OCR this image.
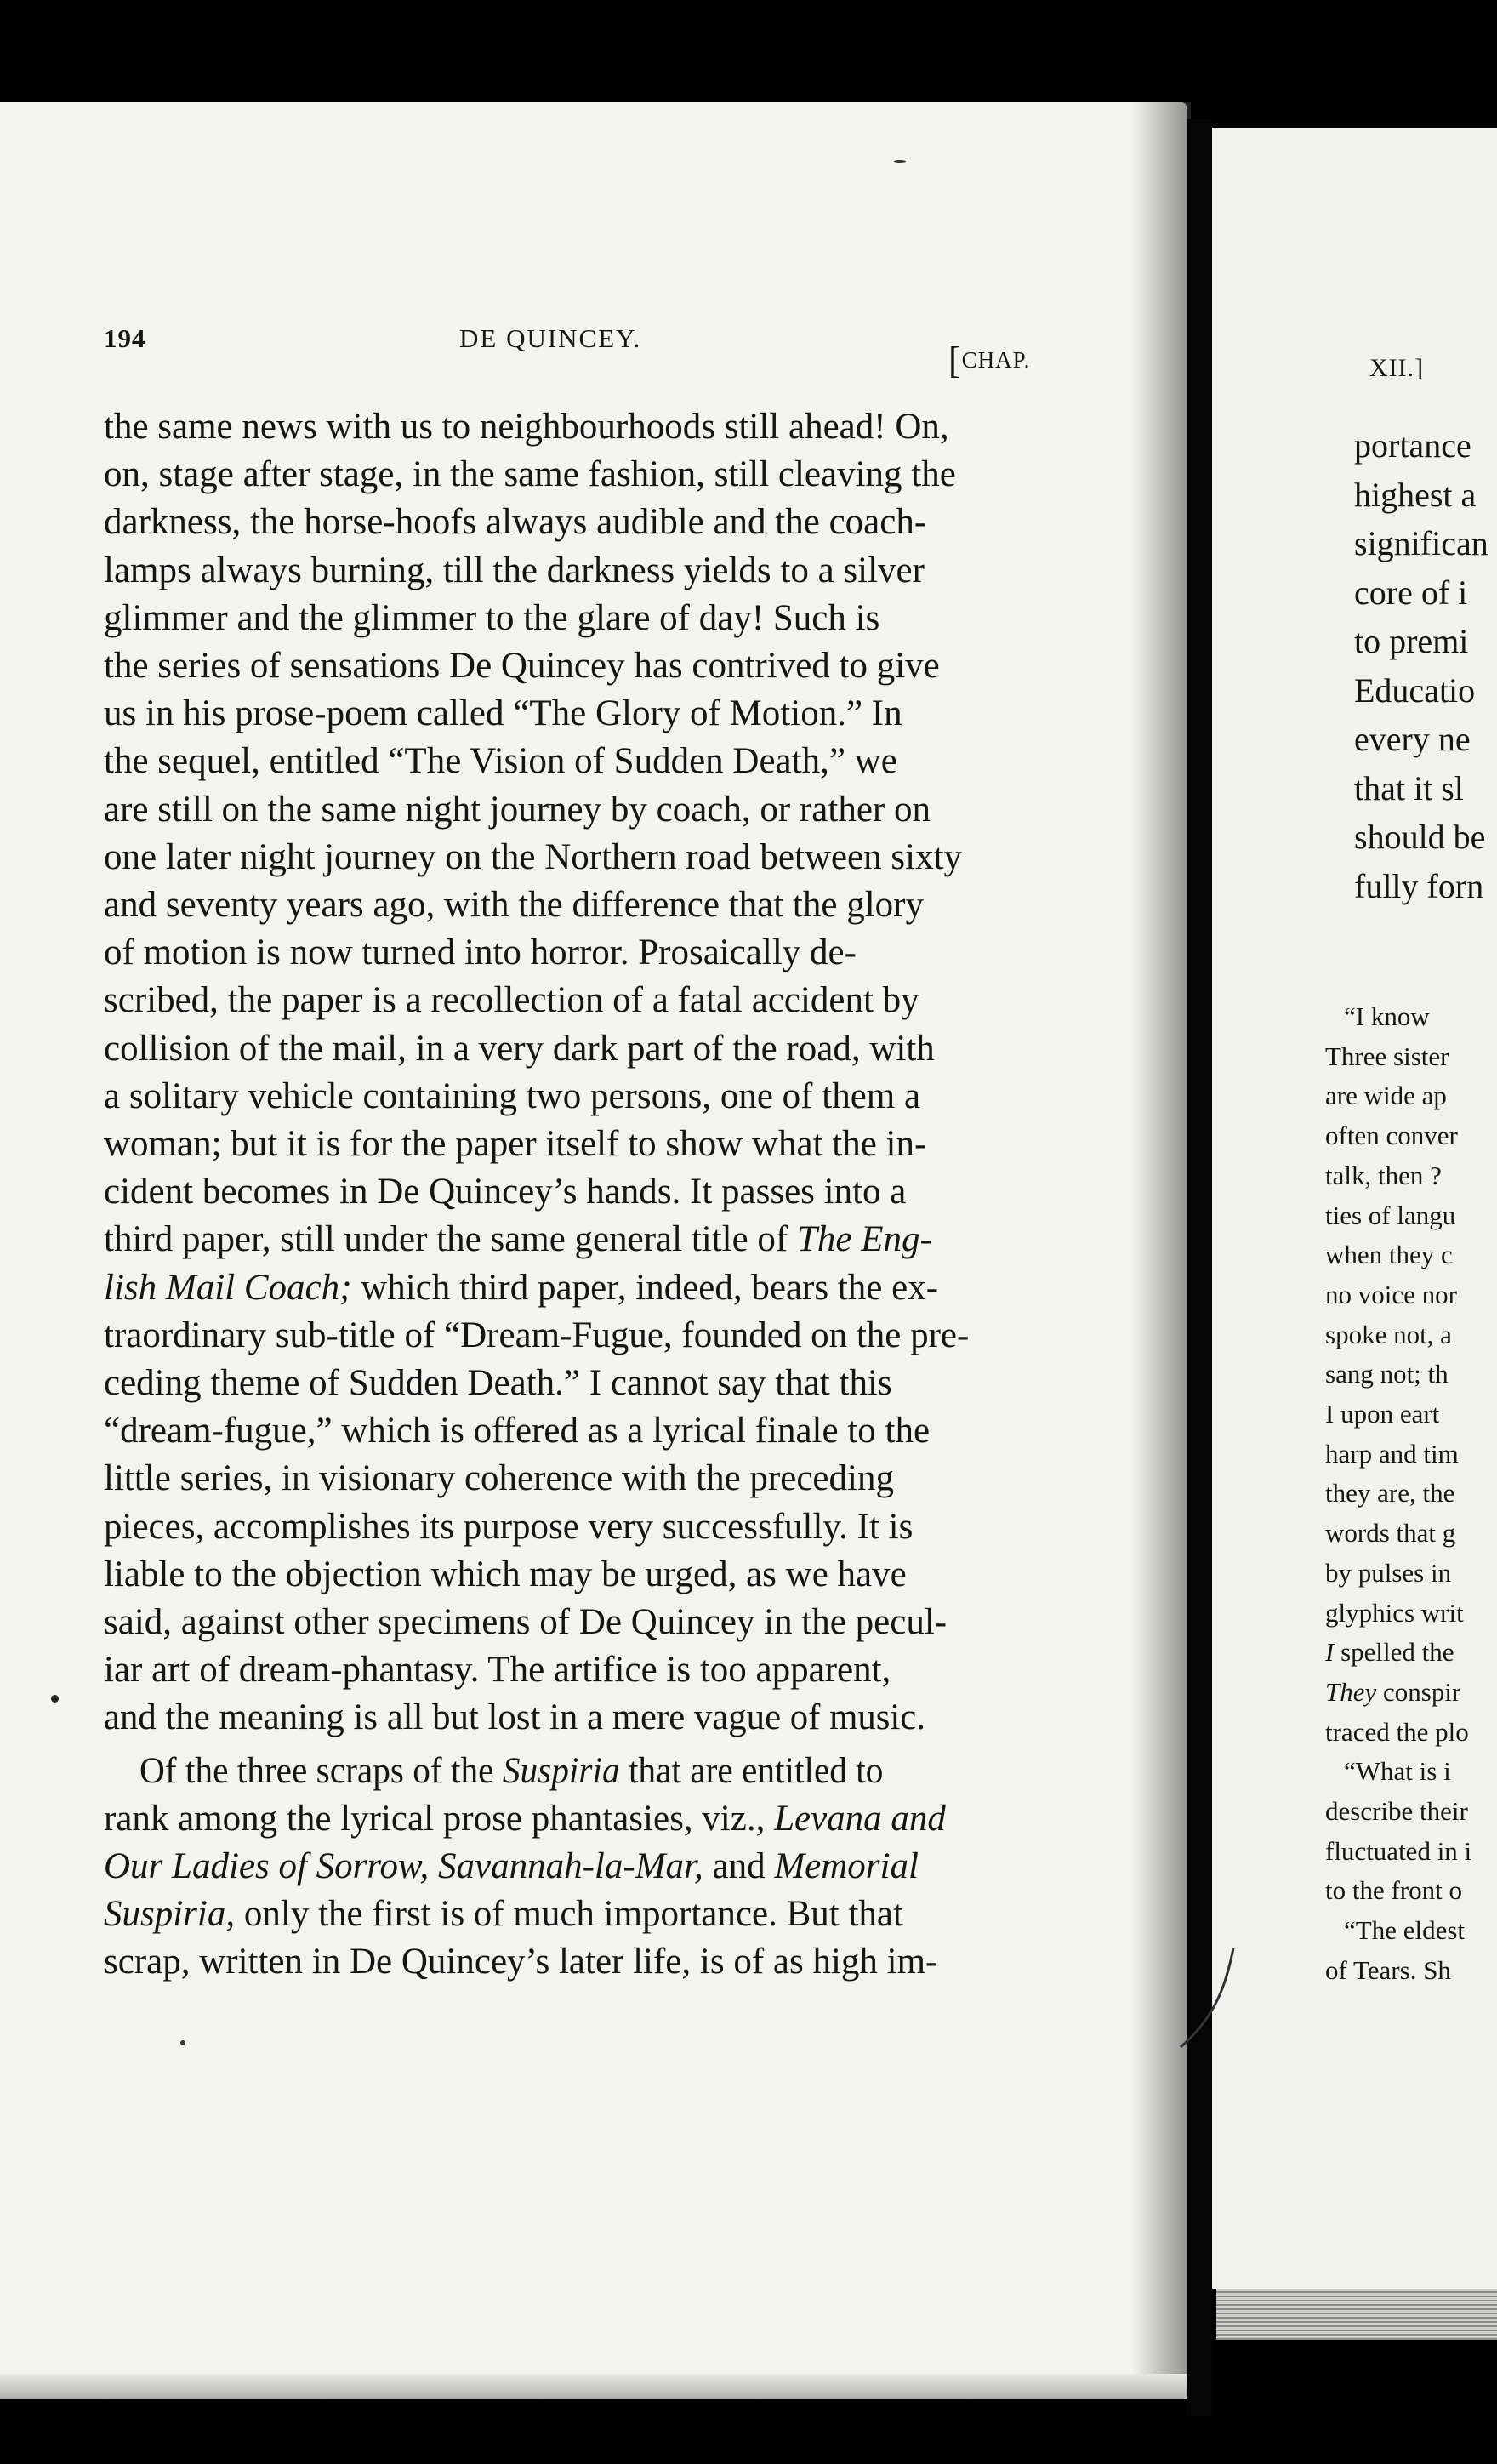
194	DE QUINCEY.
[CHAP.
the same news with us to neighbourhoods still ahead! On,
on, stage after stage, in the same fashion, still cleaving the
darkness, the horse-hoofs always audible and the coach-
lamps always burning, till the darkness yields to a silver
glimmer and the glimmer to the glare of day! Such is
the series of sensations De Quincey has contrived to give
us in his prose-poem called “The Glory of Motion.” In
the sequel, entitled “The Vision of Sudden Death,” we
are still on the same night journey by coach, or rather on
one later night journey on the Northern road between sixty
and seventy years ago, with the difference that the glory
of motion is now turned into horror. Prosaically de-
scribed, the paper is a recollection of a fatal accident by
collision of the mail, in a very dark part of the road, with
a solitary vehicle containing two persons, one of them a
woman; but it is for the paper itself to show what the in-
cident becomes in De Quincey’s hands. It passes into a
third paper, still under the same general title of The Eng-
lish Mail Coach; which third paper, indeed, bears the ex-
traordinary sub-title of “Dream-Fugue, founded on the pre-
ceding theme of Sudden Death.” I cannot say that this
“dream-fugue,” which is offered as a lyrical finale to the
little series, in visionary coherence with the preceding
pieces, accomplishes its purpose very successfully. It is
liable to the objection which may be urged, as we have
said, against other specimens of De Quincey in the pecul-
iar art of dream-phantasy. The artifice is too apparent,
and the meaning is all but lost in a mere vague of music.
Of the three scraps of the Suspiria that are entitled to
rank among the lyrical prose phantasies, viz., Levana and
Our Ladies of Sorrow, Savannah-la-Mar, and Memorial
Suspiria, only the first is of much importance. But that
scrap, written in De Quincey’s later life, is of as high im-
XII.]
portance
highest a
significan
core of i
to premi
Educatio
every ne
that it sl
should be
fully forn
“I know
Three sister
are wide ap
often conver
talk, then ?
ties of langu
when they c
no voice nor
spoke not, a
sang not; th
I upon eart
harp and tim
they are, the
words that g
by pulses in
glyphics writ
I spelled the
They conspir
traced the plo
“What is i
describe their
fluctuated in i
to the front o
“The eldest
of Tears. Sh
